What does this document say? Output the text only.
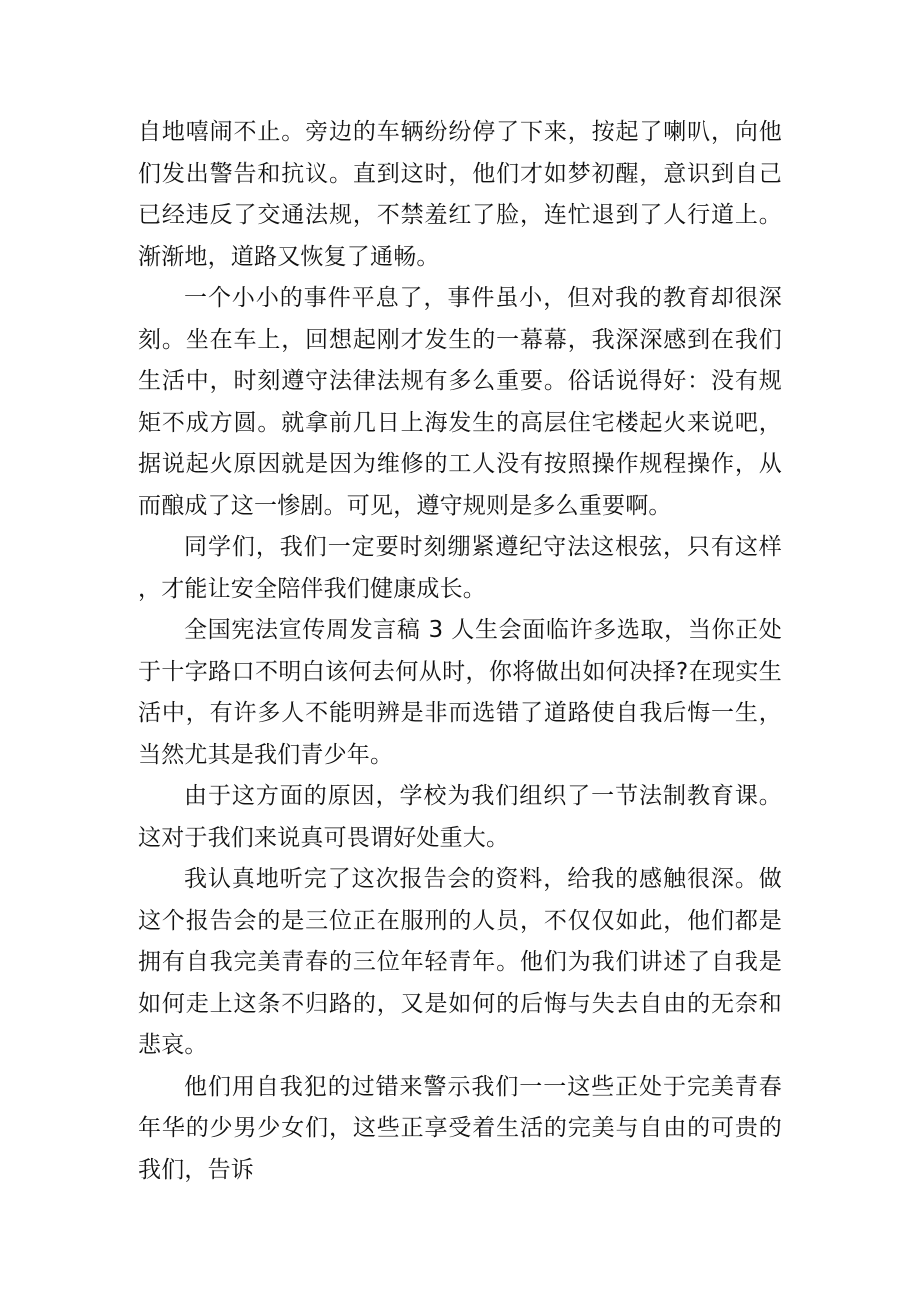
自地嘻闹不止。旁边的车辆纷纷停了下来，按起了喇叭，向他们发出警告和抗议。直到这时，他们才如梦初醒，意识到自己已经违反了交通法规，不禁羞红了脸，连忙退到了人行道上。渐渐地，道路又恢复了通畅。

一个小小的事件平息了，事件虽小，但对我的教育却很深刻。坐在车上，回想起刚才发生的一幕幕，我深深感到在我们生活中，时刻遵守法律法规有多么重要。俗话说得好：没有规矩不成方圆。就拿前几日上海发生的高层住宅楼起火来说吧，据说起火原因就是因为维修的工人没有按照操作规程操作，从而酿成了这一惨剧。可见，遵守规则是多么重要啊。

同学们，我们一定要时刻绷紧遵纪守法这根弦，只有这样，才能让安全陪伴我们健康成长。

全国宪法宣传周发言稿 3 人生会面临许多选取，当你正处于十字路口不明白该何去何从时，你将做出如何决择?在现实生活中，有许多人不能明辨是非而选错了道路使自我后悔一生，当然尤其是我们青少年。

由于这方面的原因，学校为我们组织了一节法制教育课。这对于我们来说真可畏谓好处重大。

我认真地听完了这次报告会的资料，给我的感触很深。做这个报告会的是三位正在服刑的人员，不仅仅如此，他们都是拥有自我完美青春的三位年轻青年。他们为我们讲述了自我是如何走上这条不归路的，又是如何的后悔与失去自由的无奈和悲哀。

他们用自我犯的过错来警示我们一一这些正处于完美青春年华的少男少女们，这些正享受着生活的完美与自由的可贵的我们，告诉
